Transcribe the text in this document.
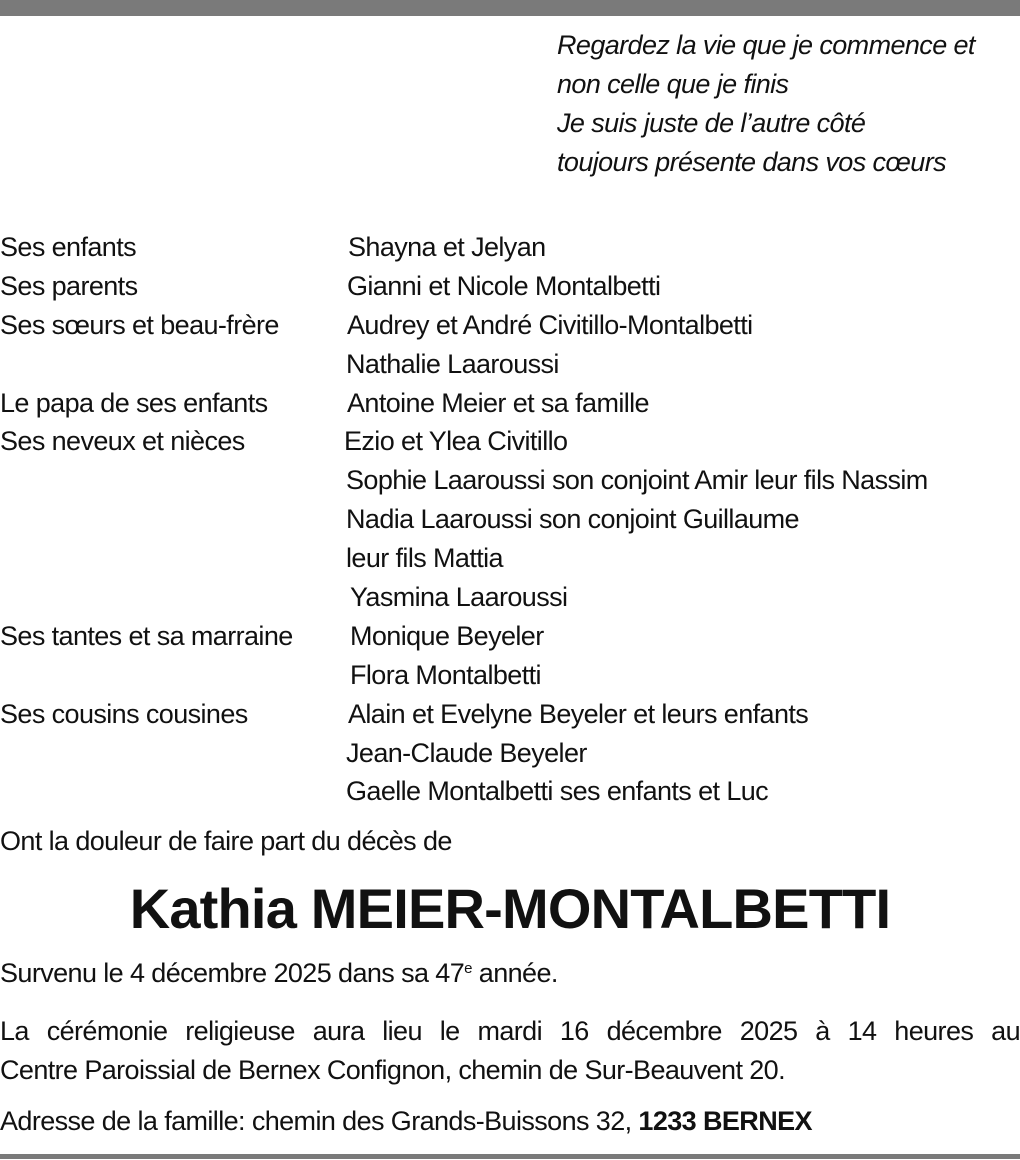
Regardez la vie que je commence et
non celle que je finis
Je suis juste de l’autre côté
toujours présente dans vos cœurs
Ses enfants	Shayna et Jelyan
Ses parents	Gianni et Nicole Montalbetti
Ses sœurs et beau-frère	Audrey et André Civitillo-Montalbetti
Nathalie Laaroussi
Le papa de ses enfants	Antoine Meier et sa famille
Ses neveux et nièces	Ezio et Ylea Civitillo
Sophie Laaroussi son conjoint Amir leur fils Nassim
Nadia Laaroussi son conjoint Guillaume
leur fils Mattia
Yasmina Laaroussi
Ses tantes et sa marraine Monique Beyeler
Flora Montalbetti
Ses cousins cousines	Alain et Evelyne Beyeler et leurs enfants
Jean-Claude Beyeler
Gaelle Montalbetti ses enfants et Luc
Ont la douleur de faire part du décès de
Kathia MEIER-MONTALBETTI
Survenu le 4 décembre 2025 dans sa 47e année.
La cérémonie religieuse aura lieu le mardi 16 décembre 2025 à 14 heures au
Centre Paroissial de Bernex Confignon, chemin de Sur-Beauvent 20.
Adresse de la famille: chemin des Grands-Buissons 32, 1233 BERNEX
